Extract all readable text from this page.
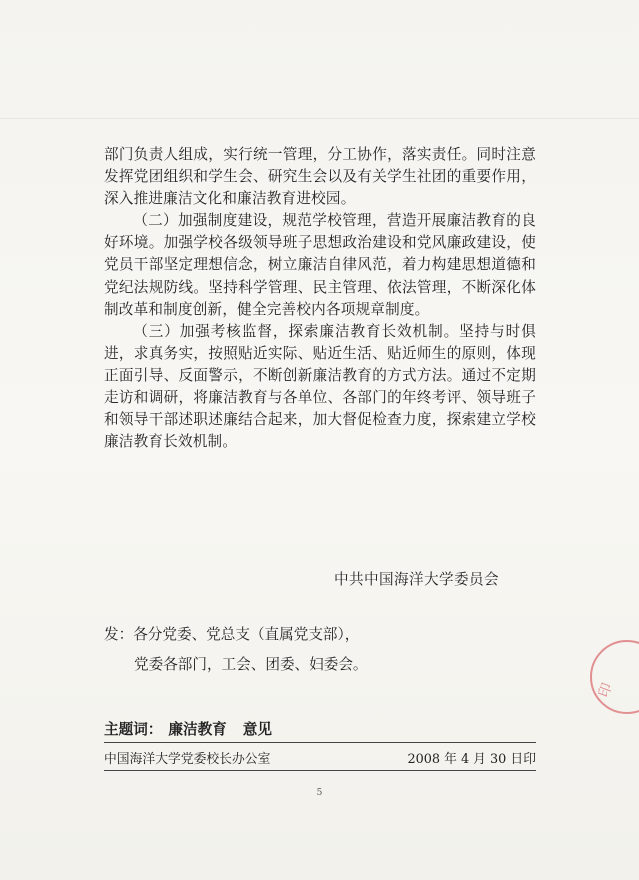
部门负责人组成，实行统一管理，分工协作，落实责任。同时注意发挥党团组织和学生会、研究生会以及有关学生社团的重要作用，深入推进廉洁文化和廉洁教育进校园。

（二）加强制度建设，规范学校管理，营造开展廉洁教育的良好环境。加强学校各级领导班子思想政治建设和党风廉政建设，使党员干部坚定理想信念，树立廉洁自律风范，着力构建思想道德和党纪法规防线。坚持科学管理、民主管理、依法管理，不断深化体制改革和制度创新，健全完善校内各项规章制度。

（三）加强考核监督，探索廉洁教育长效机制。坚持与时俱进，求真务实，按照贴近实际、贴近生活、贴近师生的原则，体现正面引导、反面警示，不断创新廉洁教育的方式方法。通过不定期走访和调研，将廉洁教育与各单位、各部门的年终考评、领导班子和领导干部述职述廉结合起来，加大督促检查力度，探索建立学校廉洁教育长效机制。

中共中国海洋大学委员会
发：各分党委、党总支（直属党支部），
党委各部门，工会、团委、妇委会。
主题词： 廉洁教育 意见
中国海洋大学党委校长办公室	2008 年 4 月 30 日印
5
印
